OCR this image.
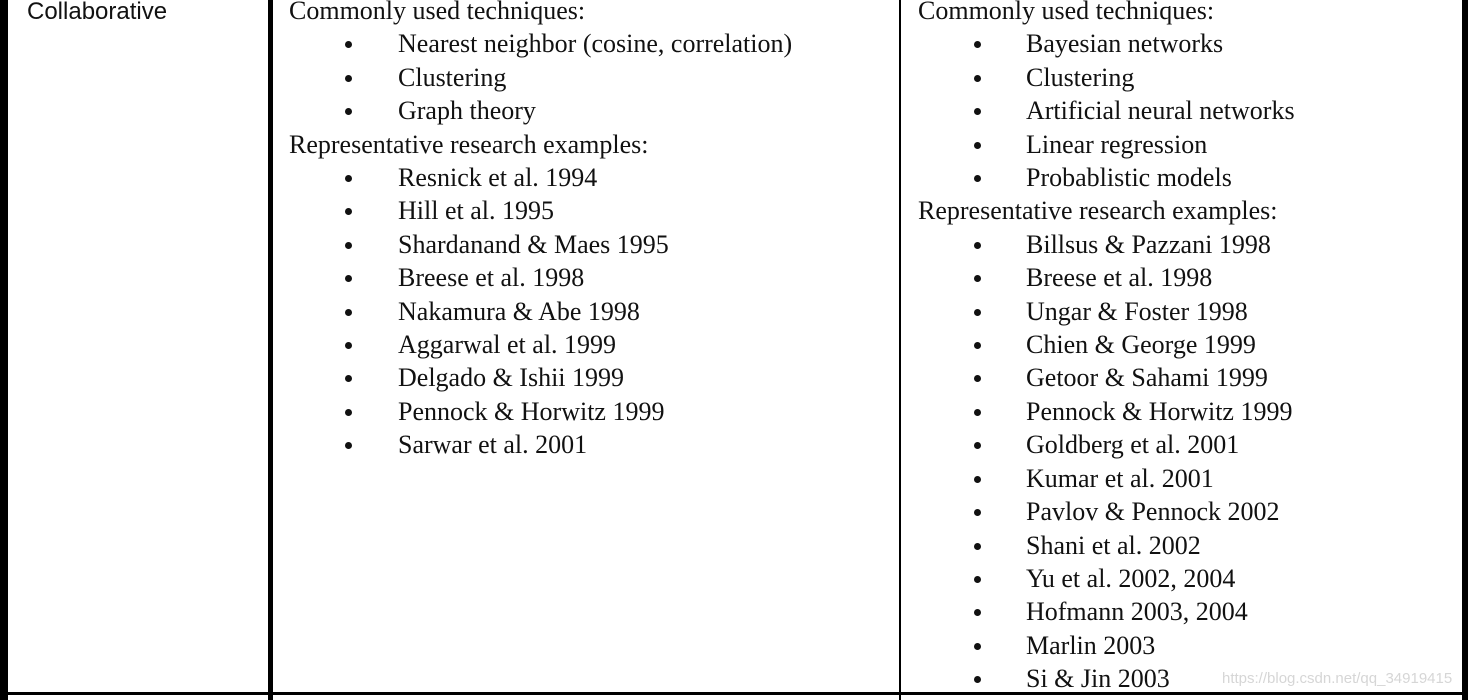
Collaborative	Commonly used techniques:
Nearest neighbor (cosine, correlation)
Clustering
Graph theory
Representative research examples:
Resnick et al. 1994
Hill et al. 1995
Shardanand & Maes 1995
Breese et al. 1998
Nakamura & Abe 1998
Aggarwal et al. 1999
Delgado & Ishii 1999
Pennock & Horwitz 1999
Sarwar et al. 2001
Commonly used techniques:
Bayesian networks
Clustering
Artificial neural networks
Linear regression
Probablistic models
Representative research examples:
Billsus & Pazzani 1998
Breese et al. 1998
Ungar & Foster 1998
Chien & George 1999
Getoor & Sahami 1999
Pennock & Horwitz 1999
Goldberg et al. 2001
Kumar et al. 2001
Pavlov & Pennock 2002
Shani et al. 2002
Yu et al. 2002, 2004
Hofmann 2003, 2004
Marlin 2003
Si & Jin 2003	https://blog.csdn.net/qq_34919415
